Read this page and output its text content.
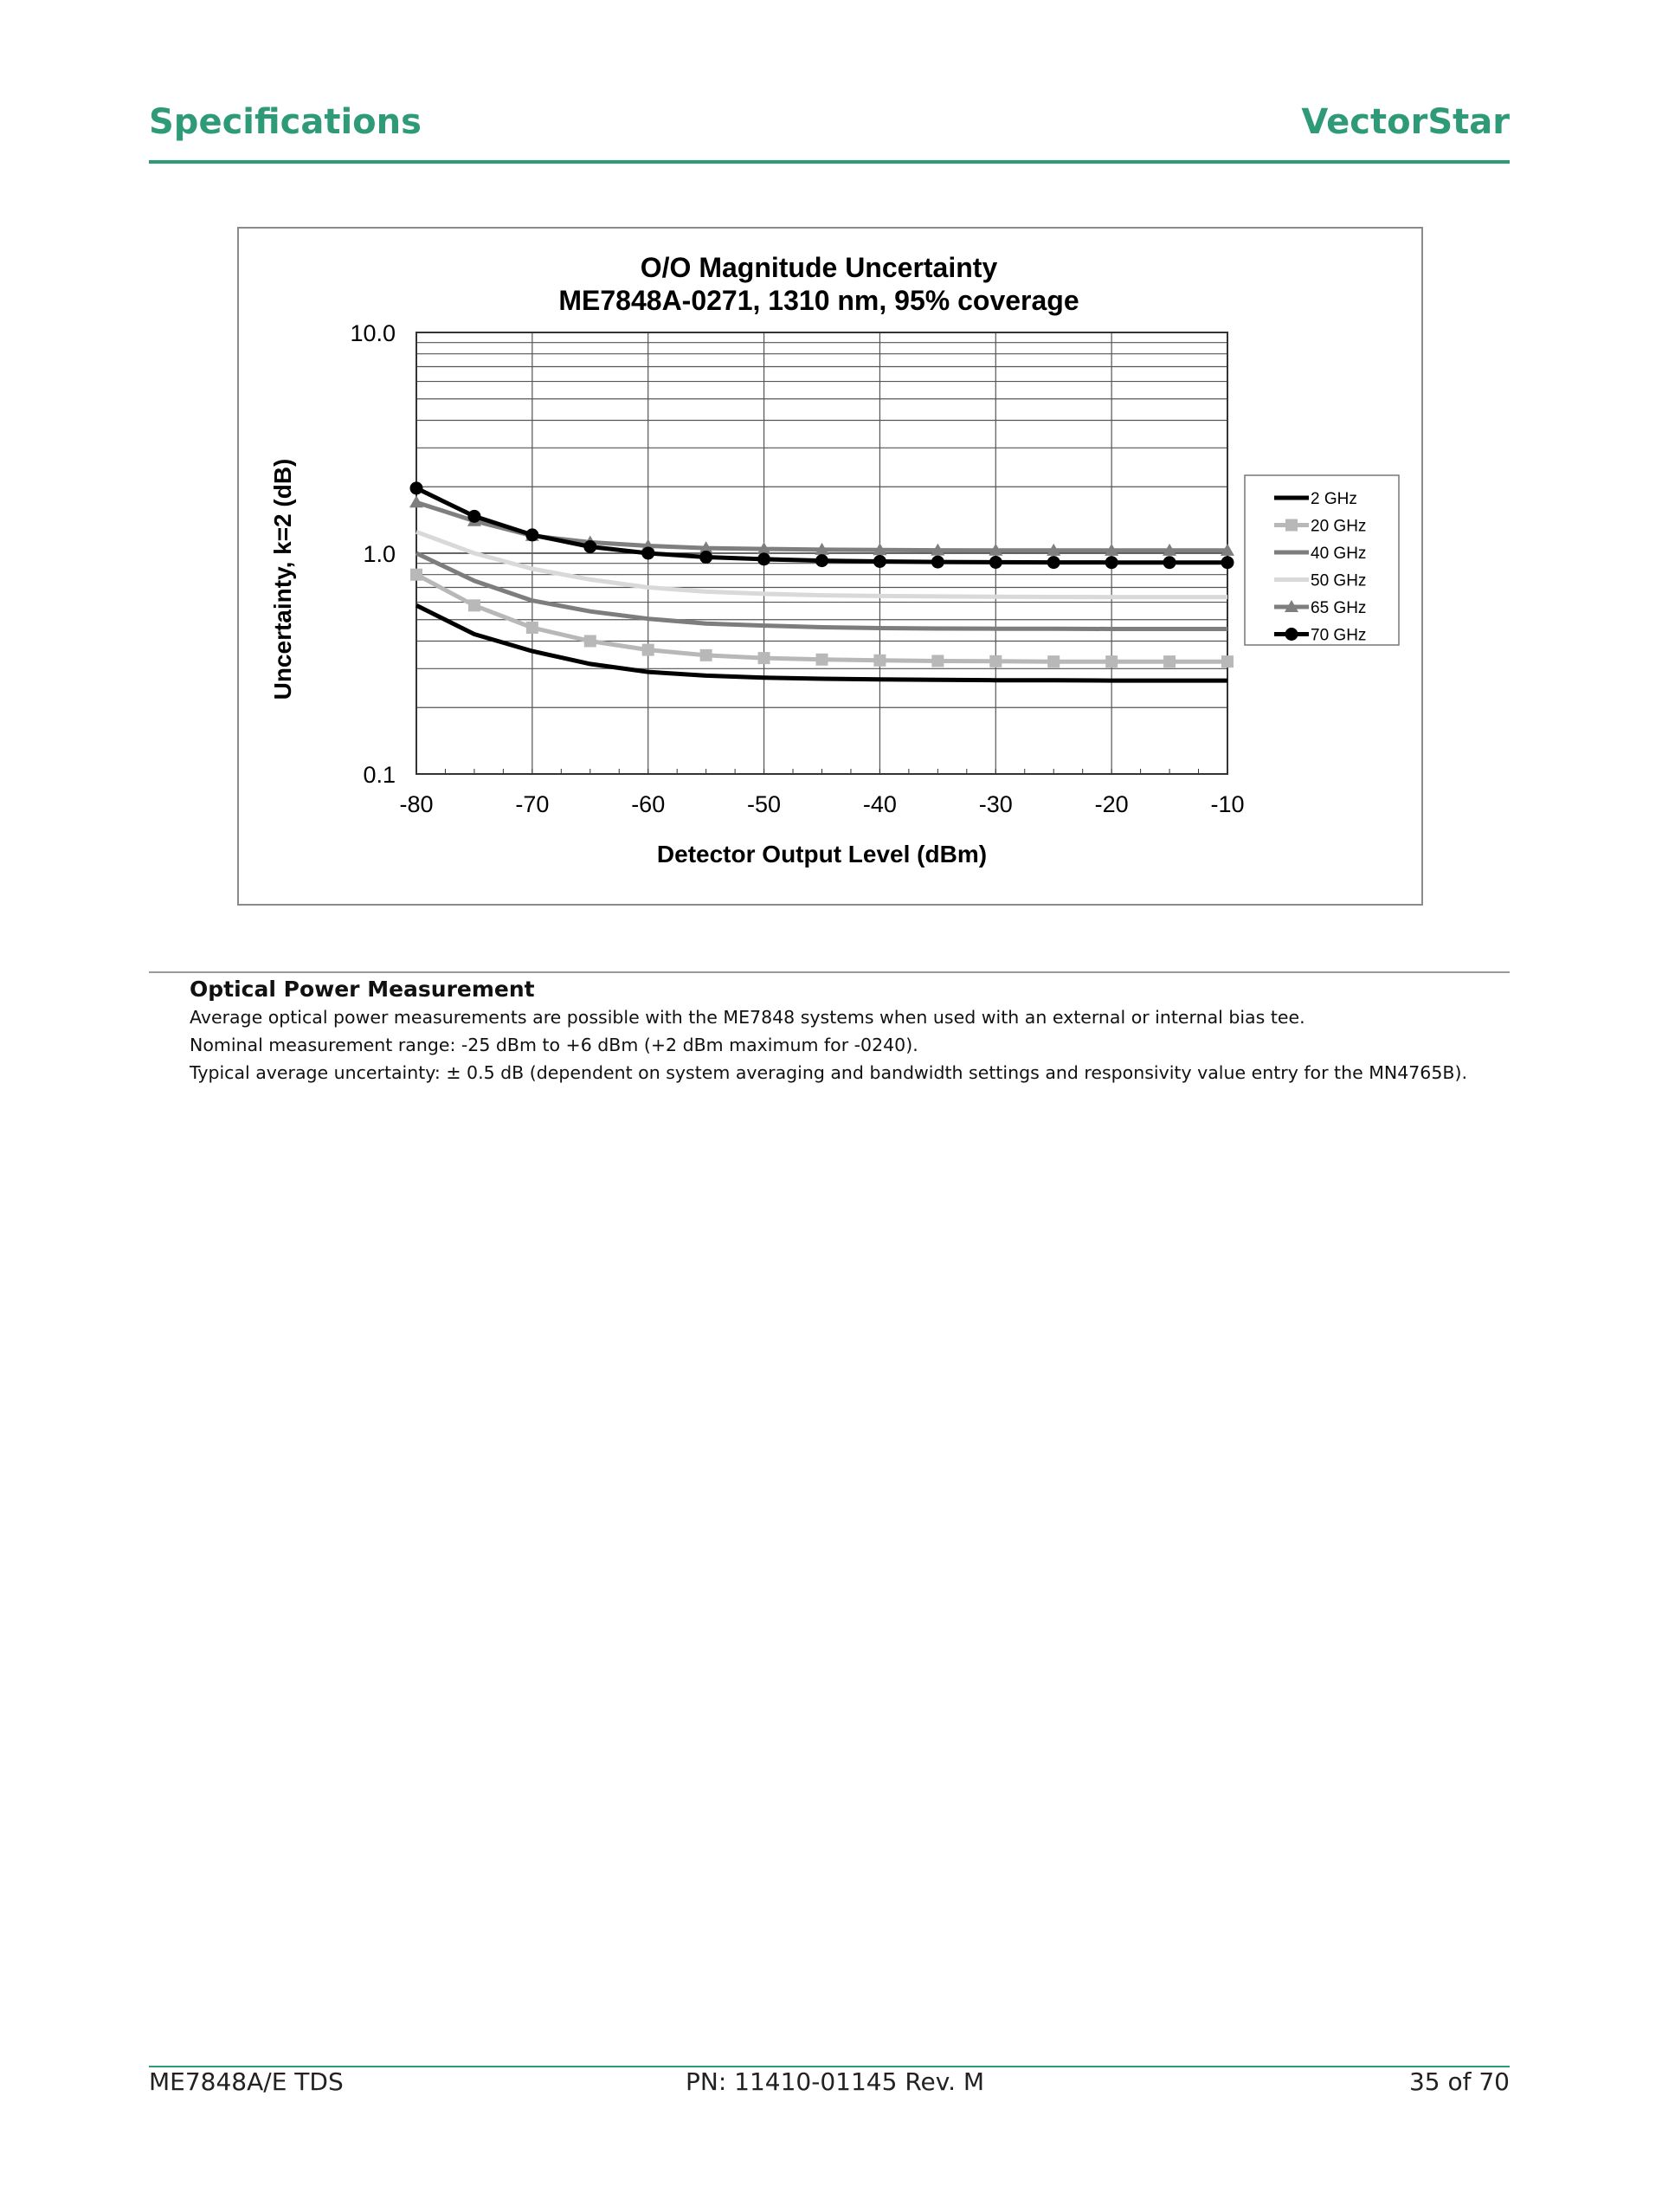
Specifications	VectorStar
O/O Magnitude Uncertainty
ME7848A-0271, 1310 nm, 95% coverage
10.0
1.0
0.1
-80	-70	-60	-50	-40	-30	-20	-10
Detector Output Level (dBm)
Uncertainty, k=2 (dB)	2 GHz
20 GHz
40 GHz
50 GHz
65 GHz
70 GHz
Optical Power Measurement
Average optical power measurements are possible with the ME7848 systems when used with an external or internal bias tee.
Nominal measurement range: -25 dBm to +6 dBm (+2 dBm maximum for -0240).
Typical average uncertainty: ± 0.5 dB (dependent on system averaging and bandwidth settings and responsivity value entry for the MN4765B).
ME7848A/E TDS	PN: 11410-01145 Rev. M	35 of 70
